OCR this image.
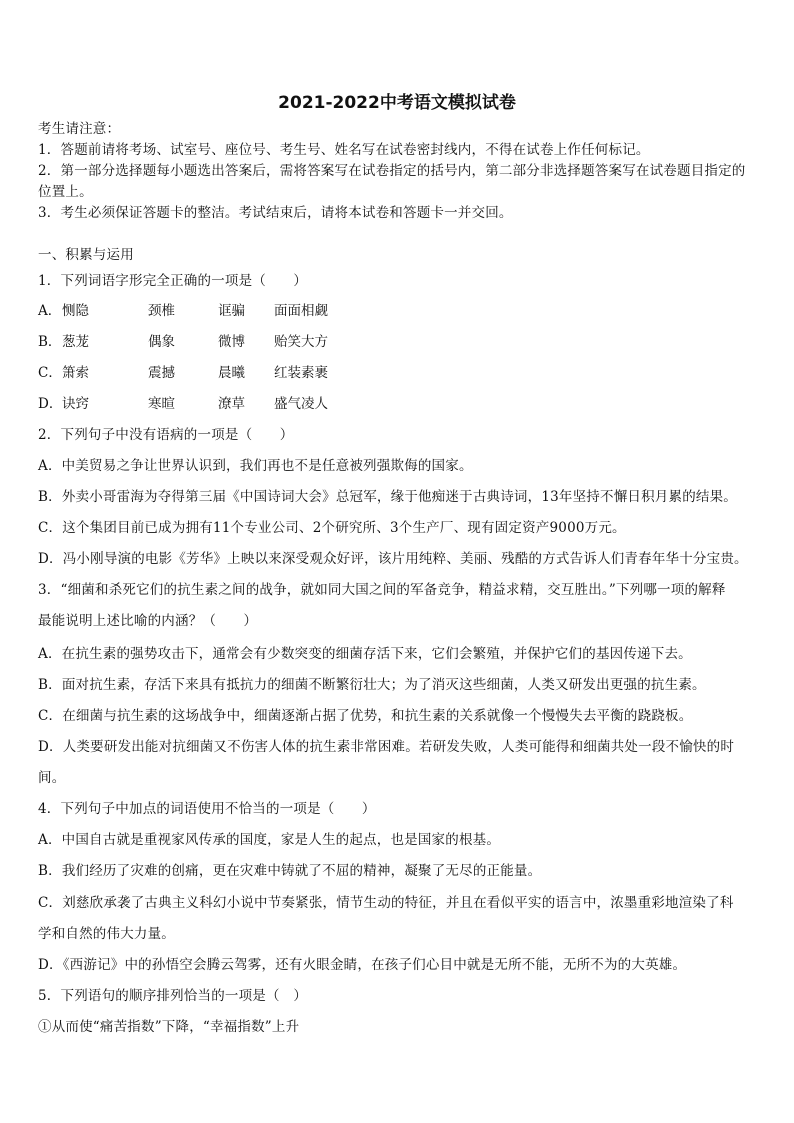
2021-2022中考语文模拟试卷
考生请注意：
1．答题前请将考场、试室号、座位号、考生号、姓名写在试卷密封线内，不得在试卷上作任何标记。
2．第一部分选择题每小题选出答案后，需将答案写在试卷指定的括号内，第二部分非选择题答案写在试卷题目指定的
位置上。
3．考生必须保证答题卡的整洁。考试结束后，请将本试卷和答题卡一并交回。
一、积累与运用
1．下列词语字形完全正确的一项是（　　）
A．恻隐	颈椎	诓骗 面面相觑
B．葱茏	偶象	微博 贻笑大方
C．箫索	震撼	晨曦 红装素裹
D．诀窍	寒暄	潦草 盛气凌人
2．下列句子中没有语病的一项是（　　）
A．中美贸易之争让世界认识到，我们再也不是任意被列强欺侮的国家。
B．外卖小哥雷海为夺得第三届《中国诗词大会》总冠军，缘于他痴迷于古典诗词，13年坚持不懈日积月累的结果。
C．这个集团目前已成为拥有11个专业公司、2个研究所、3个生产厂、现有固定资产9000万元。
D．冯小刚导演的电影《芳华》上映以来深受观众好评，该片用纯粹、美丽、残酷的方式告诉人们青春年华十分宝贵。
3．“细菌和杀死它们的抗生素之间的战争，就如同大国之间的军备竞争，精益求精，交互胜出。”下列哪一项的解释
最能说明上述比喻的内涵？（　　）
A．在抗生素的强势攻击下，通常会有少数突变的细菌存活下来，它们会繁殖，并保护它们的基因传递下去。
B．面对抗生素，存活下来具有抵抗力的细菌不断繁衍壮大；为了消灭这些细菌，人类又研发出更强的抗生素。
C．在细菌与抗生素的这场战争中，细菌逐渐占据了优势，和抗生素的关系就像一个慢慢失去平衡的跷跷板。
D．人类要研发出能对抗细菌又不伤害人体的抗生素非常困难。若研发失败，人类可能得和细菌共处一段不愉快的时
间。
4．下列句子中加点的词语使用不恰当的一项是（　　）
A．中国自古就是重视家风传承的国度，家是人生的起点，也是国家的根基。
B．我们经历了灾难的创痛，更在灾难中铸就了不屈的精神，凝聚了无尽的正能量。
C．刘慈欣承袭了古典主义科幻小说中节奏紧张，情节生动的特征，并且在看似平实的语言中，浓墨重彩地渲染了科
学和自然的伟大力量。
D．《西游记》中的孙悟空会腾云驾雾，还有火眼金睛，在孩子们心目中就是无所不能，无所不为的大英雄。
5．下列语句的顺序排列恰当的一项是（　）
①从而使“痛苦指数”下降，“幸福指数”上升
